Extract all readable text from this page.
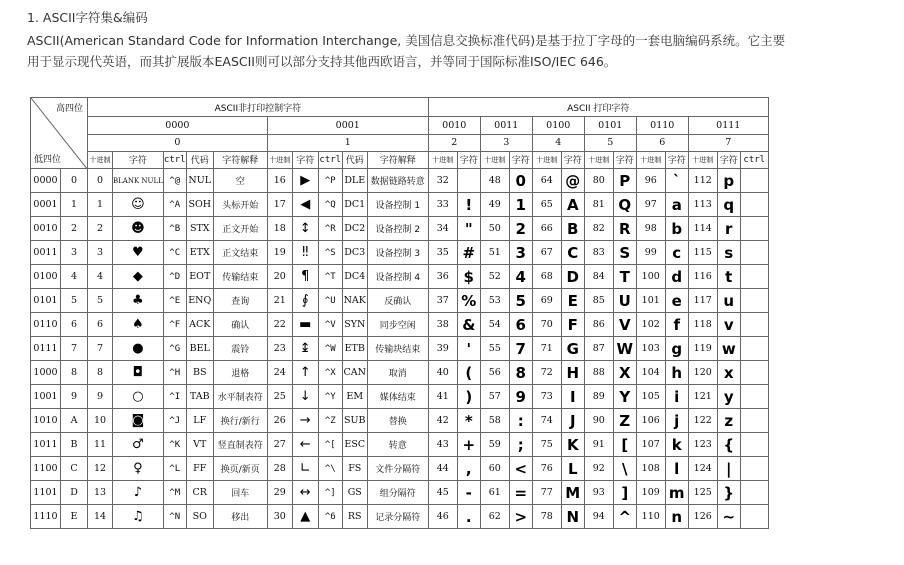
1. ASCII字符集&编码
ASCII(American Standard Code for Information Interchange, 美国信息交换标准代码)是基于拉丁字母的一套电脑编码系统。它主要
用于显示现代英语，而其扩展版本EASCII则可以部分支持其他西欧语言，并等同于国际标准ISO/IEC 646。
高四位
低四位		ASCII非打印控制字符										ASCII 打印字符												
		0000					0001					0010		0011		0100		0101		0110		0111		
		0					1					2		3		4		5		6		7		
		十进制	字符	ctrl	代码	字符解释	十进制	字符	ctrl	代码	字符解释	十进制	字符	十进制	字符	十进制	字符	十进制	字符	十进制	字符	十进制	字符	ctrl
0000	0	0	BLANK NULL	^@	NUL	空	16	▶	^P	DLE	数据链路转意	32		48	0	64	@	80	P	96	`	112	p	
0001	1	1	☺	^A	SOH	头标开始	17	◀	^Q	DC1	设备控制 1	33	!	49	1	65	A	81	Q	97	a	113	q	
0010	2	2	☻	^B	STX	正文开始	18	↕	^R	DC2	设备控制 2	34	"	50	2	66	B	82	R	98	b	114	r	
0011	3	3	♥	^C	ETX	正文结束	19	‼	^S	DC3	设备控制 3	35	#	51	3	67	C	83	S	99	c	115	s	
0100	4	4	◆	^D	EOT	传输结束	20	¶	^T	DC4	设备控制 4	36	$	52	4	68	D	84	T	100	d	116	t	
0101	5	5	♣	^E	ENQ	查询	21	∮	^U	NAK	反确认	37	%	53	5	69	E	85	U	101	e	117	u	
0110	6	6	♠	^F	ACK	确认	22	▬	^V	SYN	同步空闲	38	&	54	6	70	F	86	V	102	f	118	v	
0111	7	7	●	^G	BEL	震铃	23	↨	^W	ETB	传输块结束	39	'	55	7	71	G	87	W	103	g	119	w	
1000	8	8	◘	^H	BS	退格	24	↑	^X	CAN	取消	40	(	56	8	72	H	88	X	104	h	120	x	
1001	9	9	○	^I	TAB	水平制表符	25	↓	^Y	EM	媒体结束	41	)	57	9	73	I	89	Y	105	i	121	y	
1010	A	10	◙	^J	LF	换行/新行	26	→	^Z	SUB	替换	42	*	58	:	74	J	90	Z	106	j	122	z	
1011	B	11	♂	^K	VT	竖直制表符	27	←	^[	ESC	转意	43	+	59	;	75	K	91	[	107	k	123	{	
1100	C	12	♀	^L	FF	换页/新页	28	∟	^\	FS	文件分隔符	44	,	60	<	76	L	92	\	108	l	124	|	
1101	D	13	♪	^M	CR	回车	29	↔	^]	GS	组分隔符	45	-	61	=	77	M	93	]	109	m	125	}	
1110	E	14	♫	^N	SO	移出	30	▲	^6	RS	记录分隔符	46	.	62	>	78	N	94	^	110	n	126	~	
